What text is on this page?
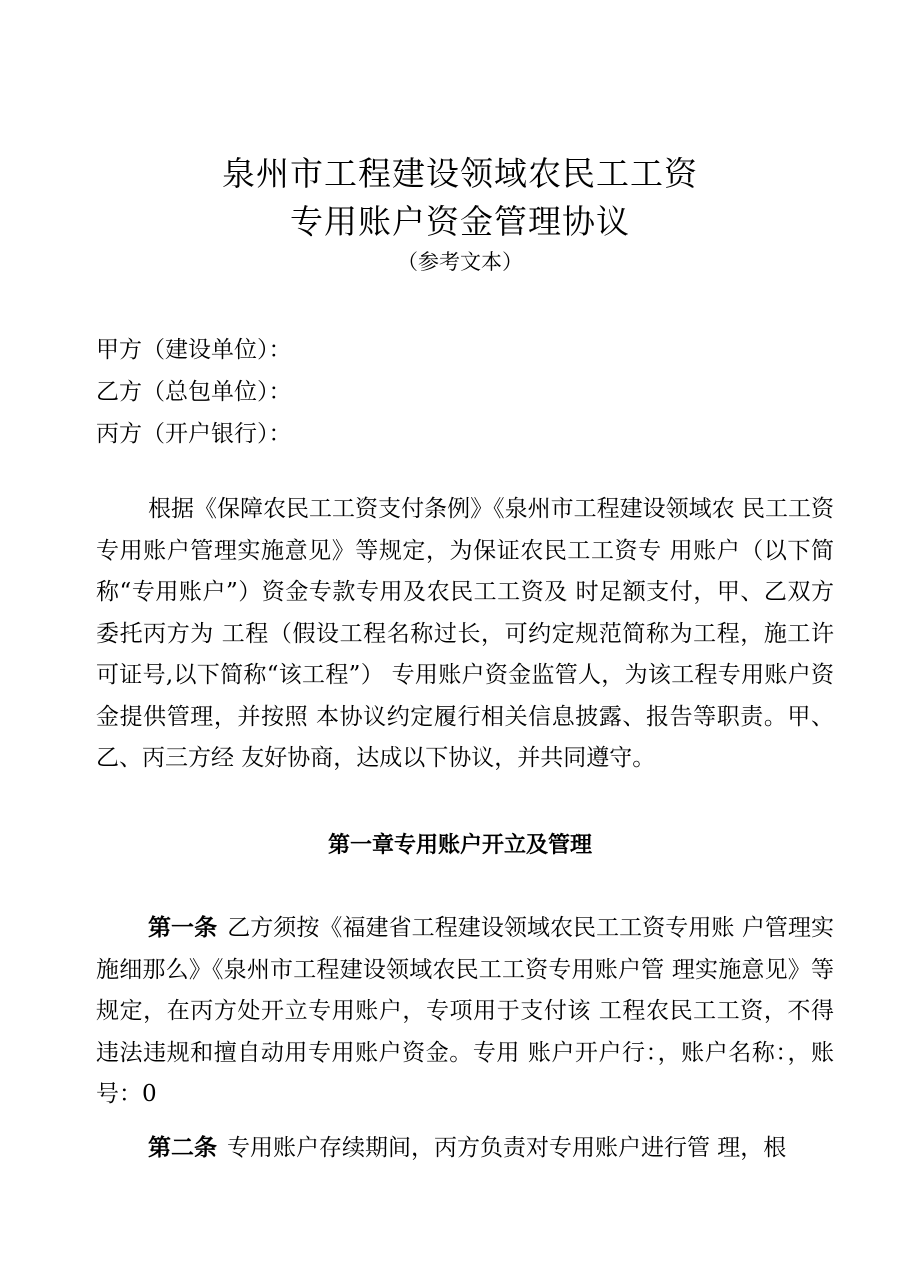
泉州市工程建设领域农民工工资
专用账户资金管理协议
（参考文本）
甲方（建设单位）：
乙方（总包单位）：
丙方（开户银行）：

根据《保障农民工工资支付条例》《泉州市工程建设领域农 民工工资专用账户管理实施意见》等规定，为保证农民工工资专 用账户（以下简称“专用账户”）资金专款专用及农民工工资及 时足额支付，甲、乙双方委托丙方为 工程（假设工程名称过长，可约定规范简称为工程，施工许可证号,以下简称“该工程”） 专用账户资金监管人，为该工程专用账户资金提供管理，并按照 本协议约定履行相关信息披露、报告等职责。甲、乙、丙三方经 友好协商，达成以下协议，并共同遵守。

第一章专用账户开立及管理

第一条 乙方须按《福建省工程建设领域农民工工资专用账 户管理实施细那么》《泉州市工程建设领域农民工工资专用账户管 理实施意见》等规定，在丙方处开立专用账户，专项用于支付该 工程农民工工资，不得违法违规和擅自动用专用账户资金。专用 账户开户行：，账户名称：，账号：0

第二条 专用账户存续期间，丙方负责对专用账户进行管 理，根
